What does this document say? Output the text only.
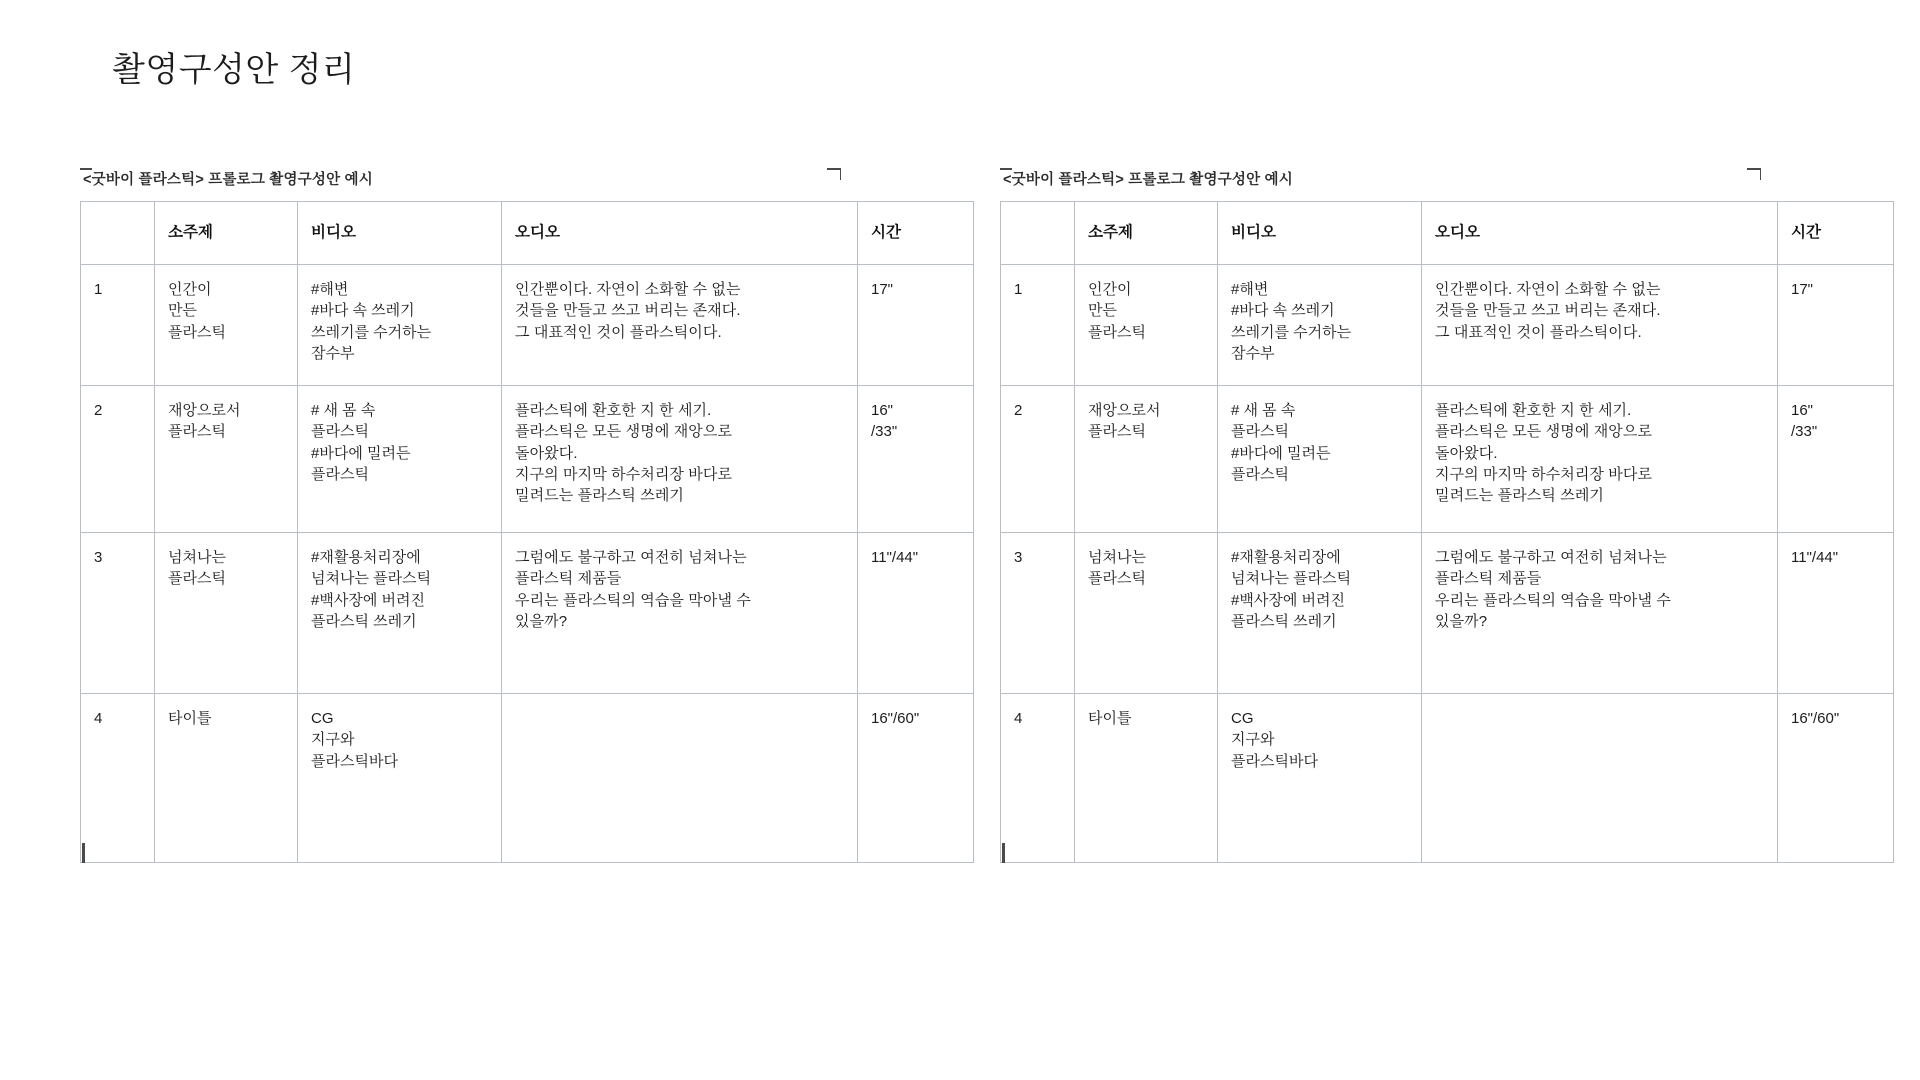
촬영구성안 정리
<굿바이 플라스틱> 프롤로그 촬영구성안 예시
	소주제	비디오	오디오	시간
1	인간이
만든
플라스틱	#해변
#바다 속 쓰레기
쓰레기를 수거하는
잠수부	인간뿐이다. 자연이 소화할 수 없는
것들을 만들고 쓰고 버리는 존재다.
그 대표적인 것이 플라스틱이다.	17"

2	재앙으로서
플라스틱	# 새 몸 속
플라스틱
#바다에 밀려든
플라스틱	플라스틱에 환호한 지 한 세기.
플라스틱은 모든 생명에 재앙으로
돌아왔다.
지구의 마지막 하수처리장 바다로
밀려드는 플라스틱 쓰레기	16"
/33"

3	넘쳐나는
플라스틱	#재활용처리장에
넘쳐나는 플라스틱
#백사장에 버려진
플라스틱 쓰레기	그럼에도 불구하고 여전히 넘쳐나는
플라스틱 제품들
우리는 플라스틱의 역습을 막아낼 수
있을까?	11"/44"

4	타이틀	CG
지구와
플라스틱바다		16"/60"
<굿바이 플라스틱> 프롤로그 촬영구성안 예시
	소주제	비디오	오디오	시간
1	인간이
만든
플라스틱	#해변
#바다 속 쓰레기
쓰레기를 수거하는
잠수부	인간뿐이다. 자연이 소화할 수 없는
것들을 만들고 쓰고 버리는 존재다.
그 대표적인 것이 플라스틱이다.	17"

2	재앙으로서
플라스틱	# 새 몸 속
플라스틱
#바다에 밀려든
플라스틱	플라스틱에 환호한 지 한 세기.
플라스틱은 모든 생명에 재앙으로
돌아왔다.
지구의 마지막 하수처리장 바다로
밀려드는 플라스틱 쓰레기	16"
/33"

3	넘쳐나는
플라스틱	#재활용처리장에
넘쳐나는 플라스틱
#백사장에 버려진
플라스틱 쓰레기	그럼에도 불구하고 여전히 넘쳐나는
플라스틱 제품들
우리는 플라스틱의 역습을 막아낼 수
있을까?	11"/44"

4	타이틀	CG
지구와
플라스틱바다		16"/60"
